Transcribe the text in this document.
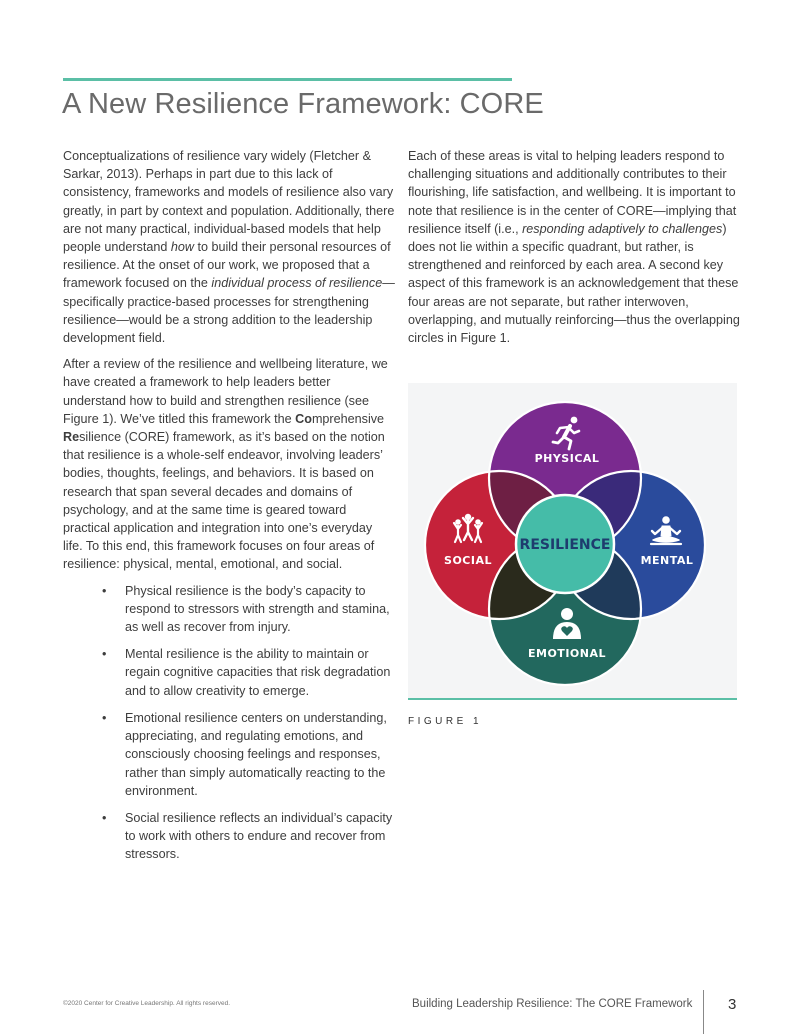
A New Resilience Framework: CORE

Conceptualizations of resilience vary widely (Fletcher & Sarkar, 2013). Perhaps in part due to this lack of consistency, frameworks and models of resilience also vary greatly, in part by context and population. Additionally, there are not many practical, individual-based models that help people understand how to build their personal resources of resilience. At the onset of our work, we proposed that a framework focused on the individual process of resilience—specifically practice-based processes for strengthening resilience—would be a strong addition to the leadership development field.

After a review of the resilience and wellbeing literature, we have created a framework to help leaders better understand how to build and strengthen resilience (see Figure 1). We’ve titled this framework the Comprehensive Resilience (CORE) framework, as it’s based on the notion that resilience is a whole-self endeavor, involving leaders’ bodies, thoughts, feelings, and behaviors. It is based on research that span several decades and domains of psychology, and at the same time is geared toward practical application and integration into one’s everyday life. To this end, this framework focuses on four areas of resilience: physical, mental, emotional, and social.

• Physical resilience is the body’s capacity to respond to stressors with strength and stamina, as well as recover from injury.
• Mental resilience is the ability to maintain or regain cognitive capacities that risk degradation and to allow creativity to emerge.
• Emotional resilience centers on understanding, appreciating, and regulating emotions, and consciously choosing feelings and responses, rather than simply automatically reacting to the environment.
• Social resilience reflects an individual’s capacity to work with others to endure and recover from stressors.

Each of these areas is vital to helping leaders respond to challenging situations and additionally contributes to their flourishing, life satisfaction, and wellbeing. It is important to note that resilience is in the center of CORE—implying that resilience itself (i.e., responding adaptively to challenges) does not lie within a specific quadrant, but rather, is strengthened and reinforced by each area. A second key aspect of this framework is an acknowledgement that these four areas are not separate, but rather interwoven, overlapping, and mutually reinforcing—thus the overlapping circles in Figure 1.

RESILIENCE
PHYSICAL
MENTAL
EMOTIONAL
SOCIAL
FIGURE 1
©2020 Center for Creative Leadership. All rights reserved.	Building Leadership Resilience: The CORE Framework 3
